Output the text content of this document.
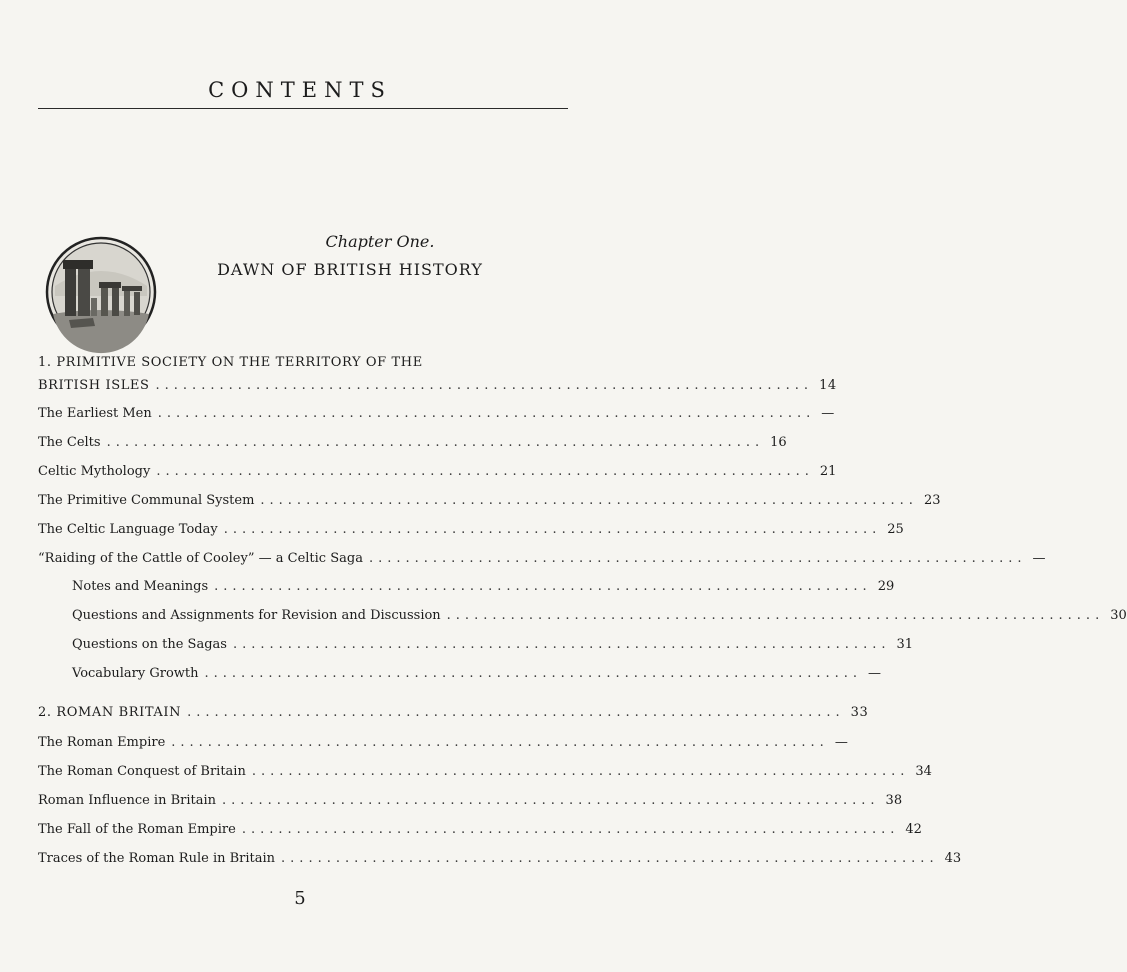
CONTENTS
Chapter One.
DAWN OF BRITISH HISTORY
1. PRIMITIVE SOCIETY ON THE TERRITORY OF THE
BRITISH ISLES ........................................................................ 14
The Earliest Men ........................................................................ —
The Celts ........................................................................ 16
Celtic Mythology ........................................................................ 21
The Primitive Communal System ........................................................................ 23
The Celtic Language Today ........................................................................ 25
“Raiding of the Cattle of Cooley” — a Celtic Saga ........................................................................ —
Notes and Meanings ........................................................................ 29
Questions and Assignments for Revision and Discussion ........................................................................ 30
Questions on the Sagas ........................................................................ 31
Vocabulary Growth ........................................................................ —
2. ROMAN BRITAIN ........................................................................ 33
The Roman Empire ........................................................................ —
The Roman Conquest of Britain ........................................................................ 34
Roman Influence in Britain ........................................................................ 38
The Fall of the Roman Empire ........................................................................ 42
Traces of the Roman Rule in Britain ........................................................................ 43
5
